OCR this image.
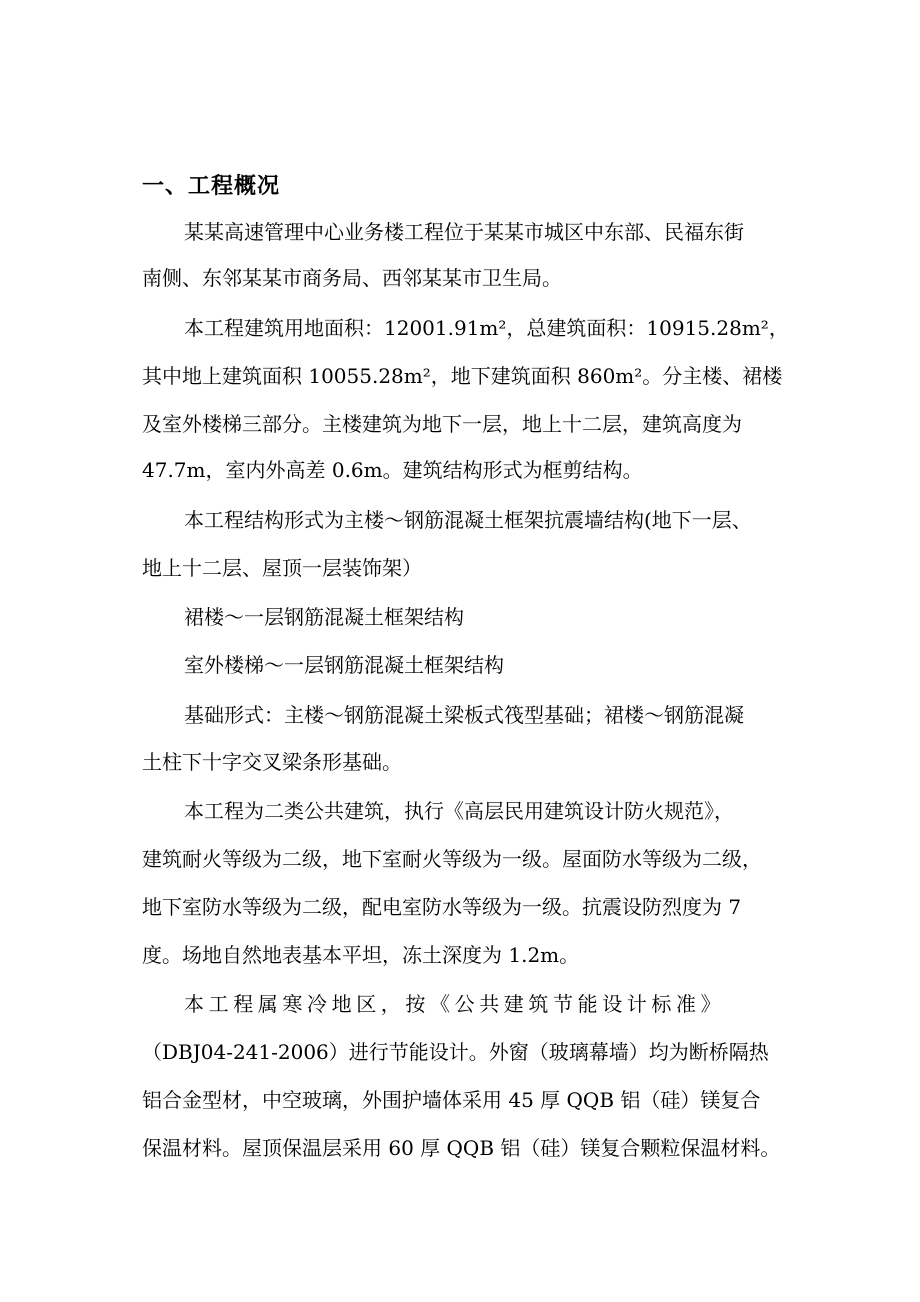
一、工程概况
某某高速管理中心业务楼工程位于某某市城区中东部、民福东街
南侧、东邻某某市商务局、西邻某某市卫生局。
本工程建筑用地面积：12001.91m²，总建筑面积：10915.28m²，
其中地上建筑面积 10055.28m²，地下建筑面积 860m²。分主楼、裙楼
及室外楼梯三部分。主楼建筑为地下一层，地上十二层，建筑高度为
47.7m，室内外高差 0.6m。建筑结构形式为框剪结构。
本工程结构形式为主楼～钢筋混凝土框架抗震墙结构(地下一层、
地上十二层、屋顶一层装饰架）
裙楼～一层钢筋混凝土框架结构
室外楼梯～一层钢筋混凝土框架结构
基础形式：主楼～钢筋混凝土梁板式筏型基础；裙楼～钢筋混凝
土柱下十字交叉梁条形基础。
本工程为二类公共建筑，执行《高层民用建筑设计防火规范》，
建筑耐火等级为二级，地下室耐火等级为一级。屋面防水等级为二级，
地下室防水等级为二级，配电室防水等级为一级。抗震设防烈度为 7
度。场地自然地表基本平坦，冻土深度为 1.2m。
本工程属寒冷地区，按《公共建筑节能设计标准》
（DBJ04-241-2006）进行节能设计。外窗（玻璃幕墙）均为断桥隔热
铝合金型材，中空玻璃，外围护墙体采用 45 厚 QQB 铝（硅）镁复合
保温材料。屋顶保温层采用 60 厚 QQB 铝（硅）镁复合颗粒保温材料。
